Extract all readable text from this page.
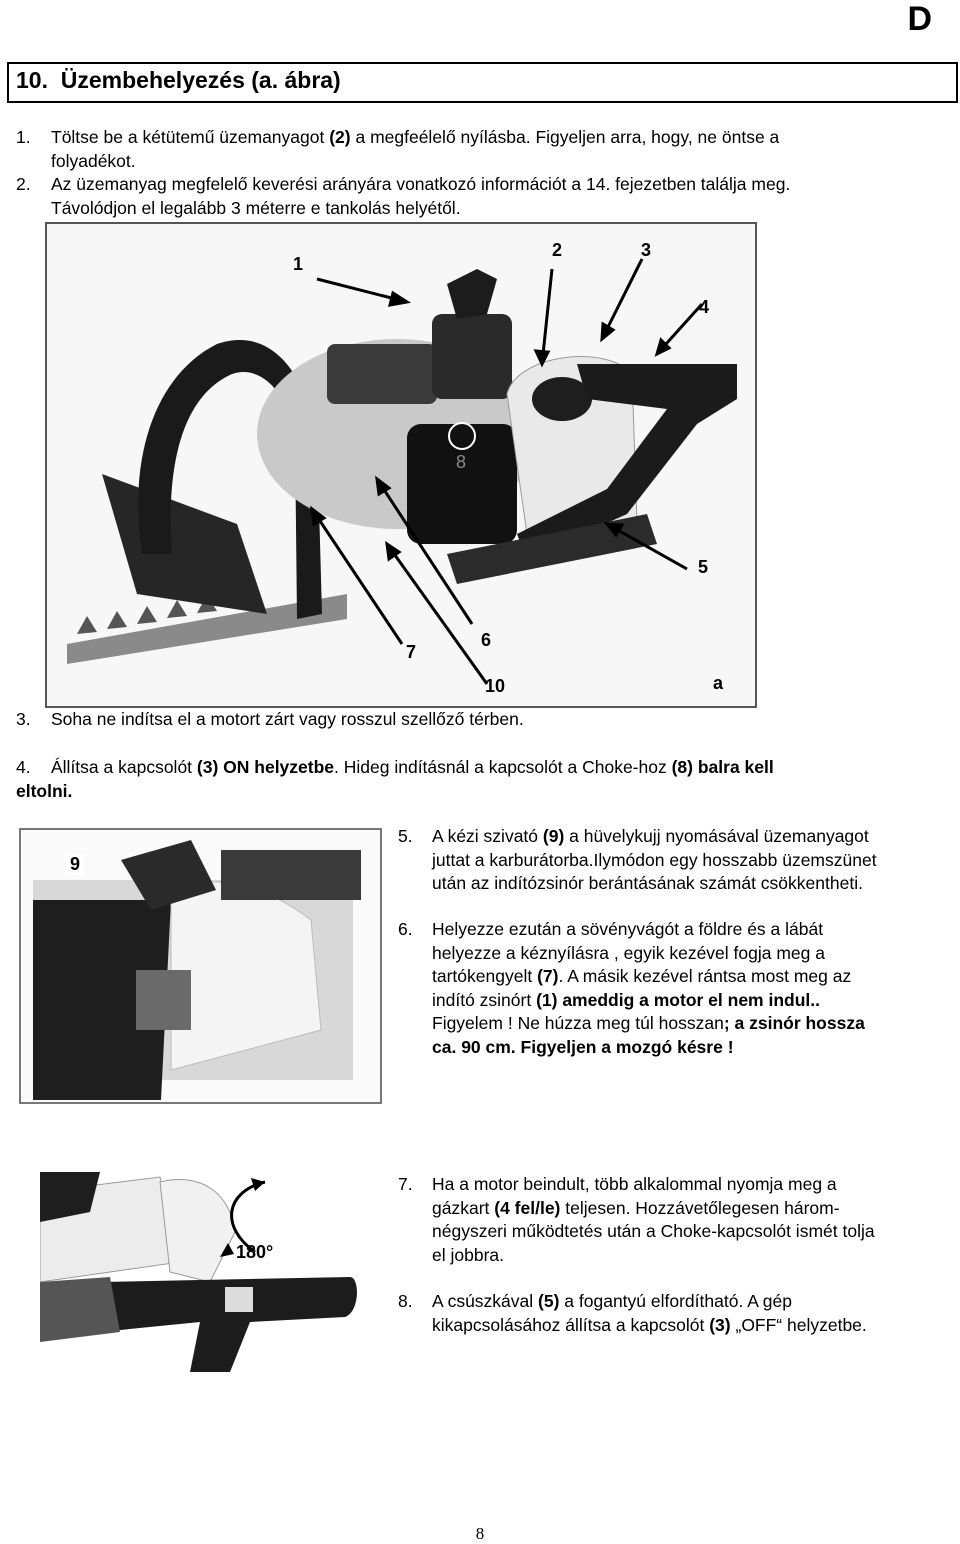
D
10. Üzembehelyezés (a. ábra)
1. Töltse be a kétütemű üzemanyagot (2) a megfeélelő nyílásba. Figyeljen arra, hogy, ne öntse a
folyadékot.
2. Az üzemanyag megfelelő keverési arányára vonatkozó információt a 14. fejezetben találja meg.
Távolódjon el legalább 3 méterre e tankolás helyétől.
1
2	3
4
8
5
7
6
10	a
3. Soha ne indítsa el a motort zárt vagy rosszul szellőző térben.
4. Állítsa a kapcsolót (3) ON helyzetbe. Hideg indításnál a kapcsolót a Choke-hoz (8) balra kell
eltolni.
9
5. A kézi szivató (9) a hüvelykujj nyomásával üzemanyagot
juttat a karburátorba.Ilymódon egy hosszabb üzemszünet
után az indítózsinór berántásának számát csökkentheti.
6. Helyezze ezután a sövényvágót a földre és a lábát
helyezze a kéznyílásra , egyik kezével fogja meg a
tartókengyelt (7). A másik kezével rántsa most meg az
indító zsinórt (1) ameddig a motor el nem indul..
Figyelem ! Ne húzza meg túl hosszan; a zsinór hossza
ca. 90 cm. Figyeljen a mozgó késre !
180°
7. Ha a motor beindult, több alkalommal nyomja meg a
gázkart (4 fel/le) teljesen. Hozzávetőlegesen három-
négyszeri működtetés után a Choke-kapcsolót ismét tolja
el jobbra.
8. A csúszkával (5) a fogantyú elfordítható. A gép
kikapcsolásához állítsa a kapcsolót (3) „OFF“ helyzetbe.
8
